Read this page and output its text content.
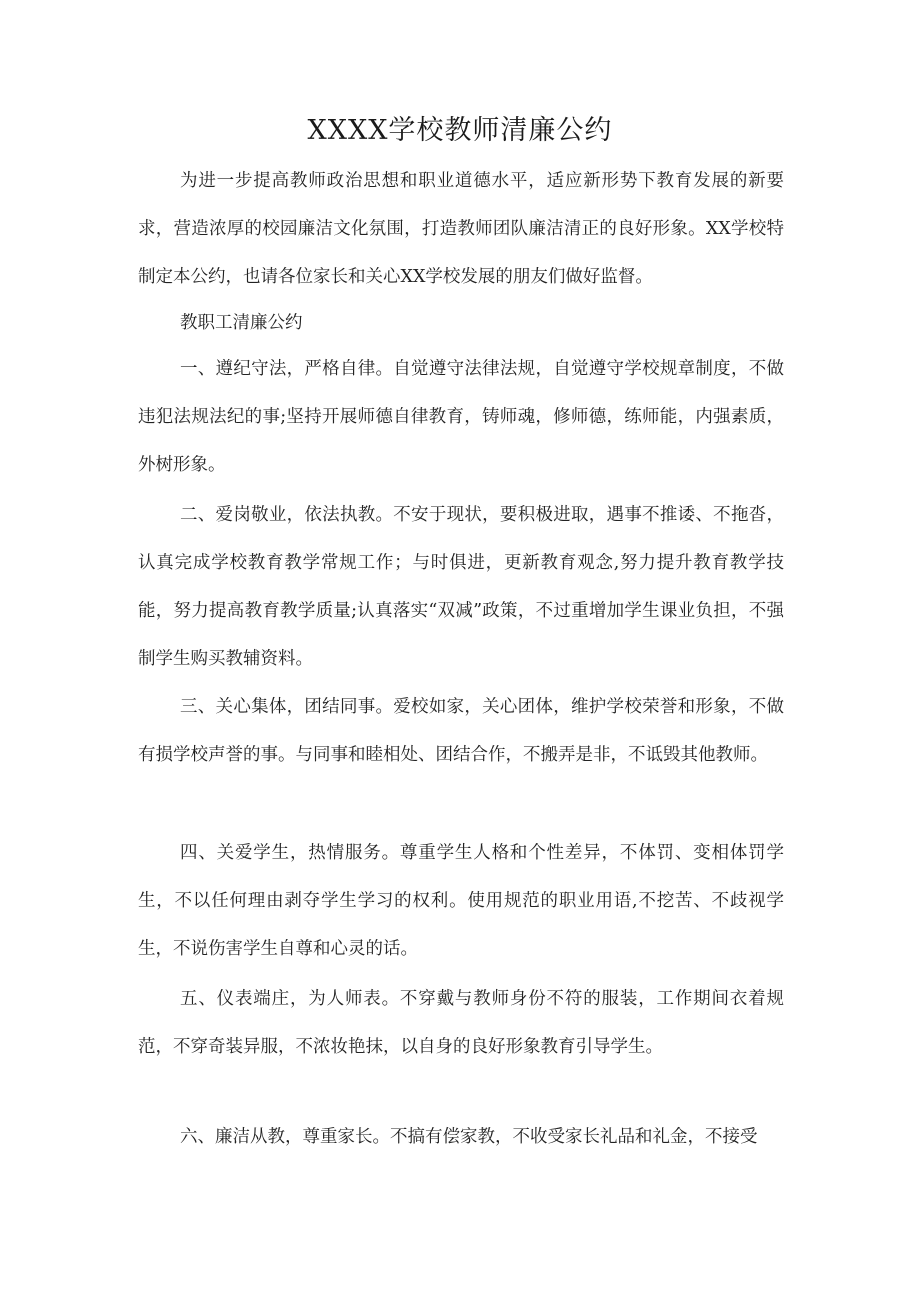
XXXX学校教师清廉公约

为进一步提高教师政治思想和职业道德水平，适应新形势下教育发展的新要求，营造浓厚的校园廉洁文化氛围，打造教师团队廉洁清正的良好形象。XX学校特制定本公约，也请各位家长和关心XX学校发展的朋友们做好监督。

教职工清廉公约

一、遵纪守法，严格自律。自觉遵守法律法规，自觉遵守学校规章制度，不做违犯法规法纪的事;坚持开展师德自律教育，铸师魂，修师德，练师能，内强素质，外树形象。

二、爱岗敬业，依法执教。不安于现状，要积极进取，遇事不推诿、不拖沓，认真完成学校教育教学常规工作；与时俱进，更新教育观念,努力提升教育教学技能，努力提高教育教学质量;认真落实“双减”政策，不过重增加学生课业负担，不强制学生购买教辅资料。

三、关心集体，团结同事。爱校如家，关心团体，维护学校荣誉和形象，不做有损学校声誉的事。与同事和睦相处、团结合作，不搬弄是非，不诋毁其他教师。

四、关爱学生，热情服务。尊重学生人格和个性差异，不体罚、变相体罚学生，不以任何理由剥夺学生学习的权利。使用规范的职业用语,不挖苦、不歧视学生，不说伤害学生自尊和心灵的话。

五、仪表端庄，为人师表。不穿戴与教师身份不符的服装，工作期间衣着规范，不穿奇装异服，不浓妆艳抹，以自身的良好形象教育引导学生。

六、廉洁从教，尊重家长。不搞有偿家教，不收受家长礼品和礼金，不接受
